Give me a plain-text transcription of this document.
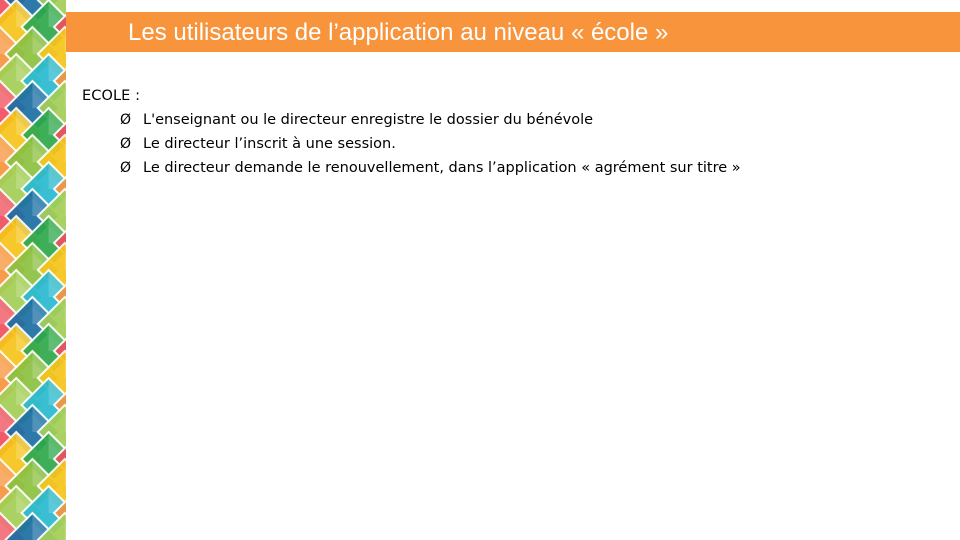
Les utilisateurs de l’application au niveau « école »
ECOLE :
Ø L'enseignant ou le directeur enregistre le dossier du bénévole
Ø Le directeur l’inscrit à une session.
Ø Le directeur demande le renouvellement, dans l’application « agrément sur titre »
